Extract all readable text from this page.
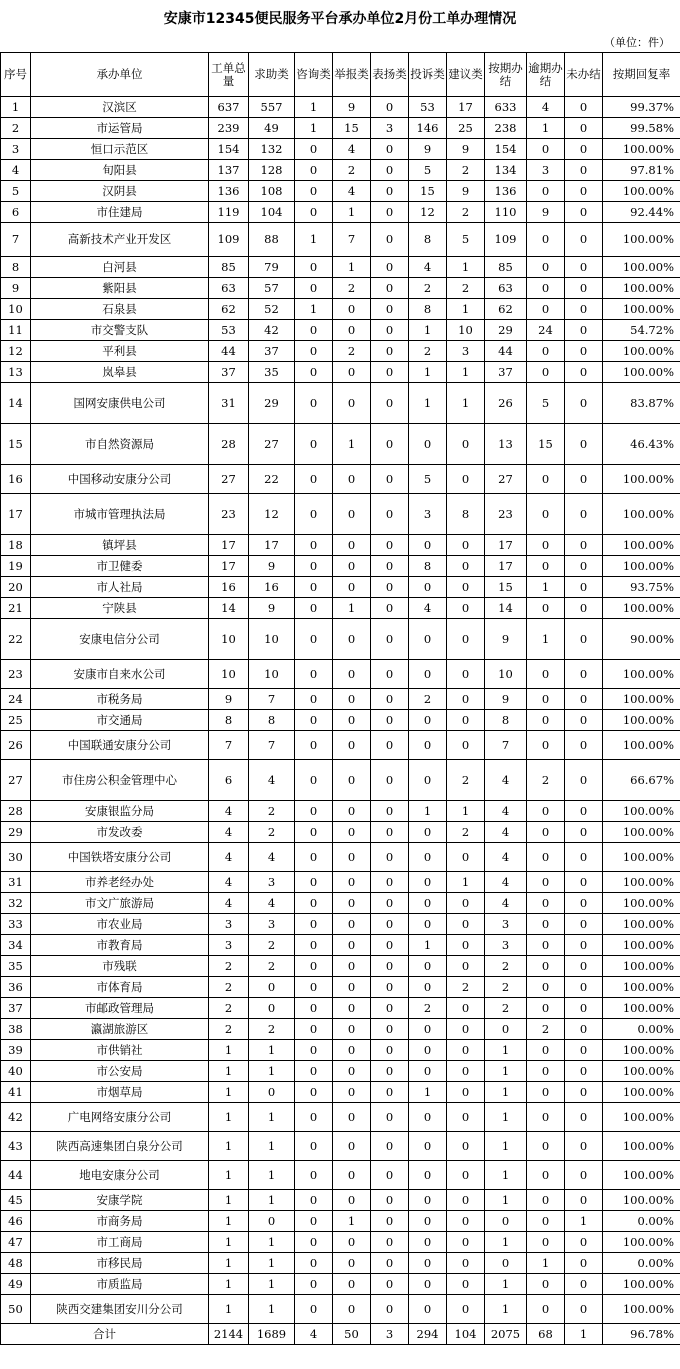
安康市12345便民服务平台承办单位2月份工单办理情况
（单位：件）
序号	承办单位	工单总量	求助类	咨询类	举报类	表扬类	投诉类	建议类	按期办结	逾期办结	未办结	按期回复率
1	汉滨区	637	557	1	9	0	53	17	633	4	0	99.37%
2	市运管局	239	49	1	15	3	146	25	238	1	0	99.58%
3	恒口示范区	154	132	0	4	0	9	9	154	0	0	100.00%
4	旬阳县	137	128	0	2	0	5	2	134	3	0	97.81%
5	汉阴县	136	108	0	4	0	15	9	136	0	0	100.00%
6	市住建局	119	104	0	1	0	12	2	110	9	0	92.44%
7	高新技术产业开发区	109	88	1	7	0	8	5	109	0	0	100.00%
8	白河县	85	79	0	1	0	4	1	85	0	0	100.00%
9	紫阳县	63	57	0	2	0	2	2	63	0	0	100.00%
10	石泉县	62	52	1	0	0	8	1	62	0	0	100.00%
11	市交警支队	53	42	0	0	0	1	10	29	24	0	54.72%
12	平利县	44	37	0	2	0	2	3	44	0	0	100.00%
13	岚皋县	37	35	0	0	0	1	1	37	0	0	100.00%
14	国网安康供电公司	31	29	0	0	0	1	1	26	5	0	83.87%
15	市自然资源局	28	27	0	1	0	0	0	13	15	0	46.43%
16	中国移动安康分公司	27	22	0	0	0	5	0	27	0	0	100.00%
17	市城市管理执法局	23	12	0	0	0	3	8	23	0	0	100.00%
18	镇坪县	17	17	0	0	0	0	0	17	0	0	100.00%
19	市卫健委	17	9	0	0	0	8	0	17	0	0	100.00%
20	市人社局	16	16	0	0	0	0	0	15	1	0	93.75%
21	宁陕县	14	9	0	1	0	4	0	14	0	0	100.00%
22	安康电信分公司	10	10	0	0	0	0	0	9	1	0	90.00%
23	安康市自来水公司	10	10	0	0	0	0	0	10	0	0	100.00%
24	市税务局	9	7	0	0	0	2	0	9	0	0	100.00%
25	市交通局	8	8	0	0	0	0	0	8	0	0	100.00%
26	中国联通安康分公司	7	7	0	0	0	0	0	7	0	0	100.00%
27	市住房公积金管理中心	6	4	0	0	0	0	2	4	2	0	66.67%
28	安康银监分局	4	2	0	0	0	1	1	4	0	0	100.00%
29	市发改委	4	2	0	0	0	0	2	4	0	0	100.00%
30	中国铁塔安康分公司	4	4	0	0	0	0	0	4	0	0	100.00%
31	市养老经办处	4	3	0	0	0	0	1	4	0	0	100.00%
32	市文广旅游局	4	4	0	0	0	0	0	4	0	0	100.00%
33	市农业局	3	3	0	0	0	0	0	3	0	0	100.00%
34	市教育局	3	2	0	0	0	1	0	3	0	0	100.00%
35	市残联	2	2	0	0	0	0	0	2	0	0	100.00%
36	市体育局	2	0	0	0	0	0	2	2	0	0	100.00%
37	市邮政管理局	2	0	0	0	0	2	0	2	0	0	100.00%
38	瀛湖旅游区	2	2	0	0	0	0	0	0	2	0	0.00%
39	市供销社	1	1	0	0	0	0	0	1	0	0	100.00%
40	市公安局	1	1	0	0	0	0	0	1	0	0	100.00%
41	市烟草局	1	0	0	0	0	1	0	1	0	0	100.00%
42	广电网络安康分公司	1	1	0	0	0	0	0	1	0	0	100.00%
43	陕西高速集团白泉分公司	1	1	0	0	0	0	0	1	0	0	100.00%
44	地电安康分公司	1	1	0	0	0	0	0	1	0	0	100.00%
45	安康学院	1	1	0	0	0	0	0	1	0	0	100.00%
46	市商务局	1	0	0	1	0	0	0	0	0	1	0.00%
47	市工商局	1	1	0	0	0	0	0	1	0	0	100.00%
48	市移民局	1	1	0	0	0	0	0	0	1	0	0.00%
49	市质监局	1	1	0	0	0	0	0	1	0	0	100.00%
50	陕西交建集团安川分公司	1	1	0	0	0	0	0	1	0	0	100.00%
合计		2144	1689	4	50	3	294	104	2075	68	1	96.78%
